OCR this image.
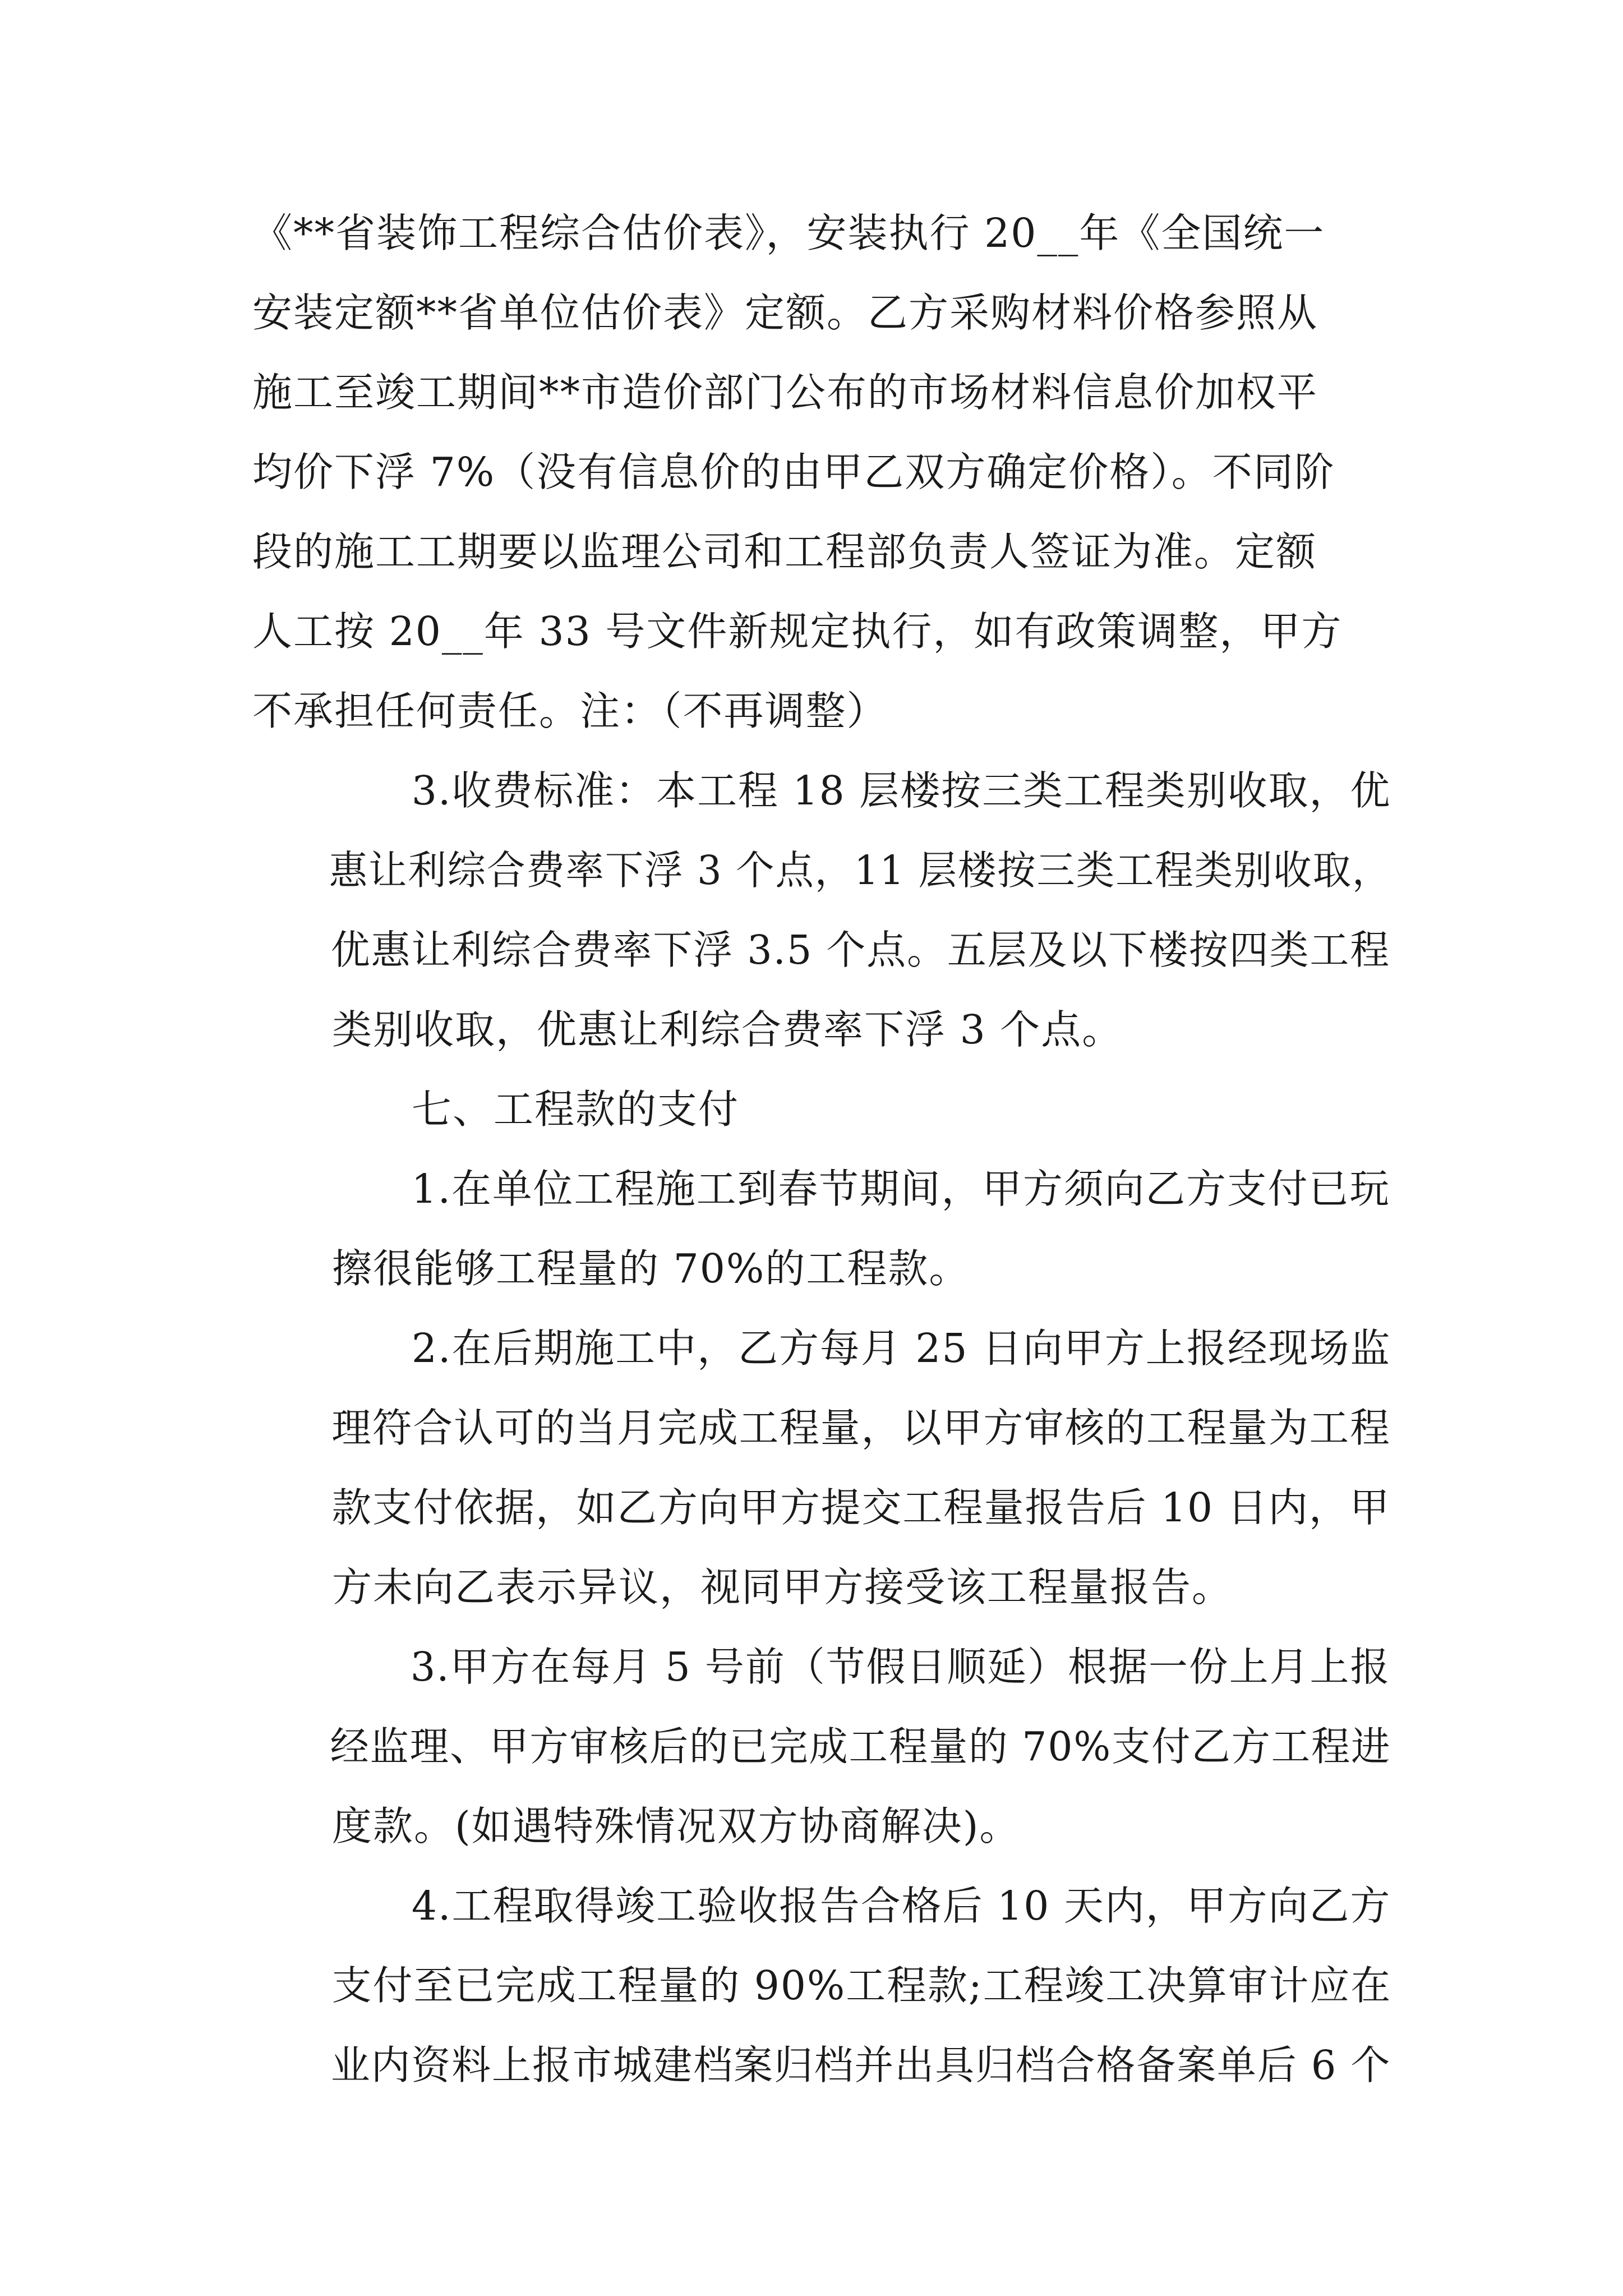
《**省装饰工程综合估价表》，安装执行 20__年《全国统一
安装定额**省单位估价表》定额。乙方采购材料价格参照从
施工至竣工期间**市造价部门公布的市场材料信息价加权平
均价下浮 7%（没有信息价的由甲乙双方确定价格）。不同阶
段的施工工期要以监理公司和工程部负责人签证为准。定额
人工按 20__年 33 号文件新规定执行，如有政策调整，甲方
不承担任何责任。注：（不再调整）

3.收费标准：本工程 18 层楼按三类工程类别收取，优
惠让利综合费率下浮 3 个点，11 层楼按三类工程类别收取， 优惠让利综合费率下浮 3.5 个点。五层及以下楼按四类工程
类别收取，优惠让利综合费率下浮 3 个点。

七、工程款的支付

1.在单位工程施工到春节期间，甲方须向乙方支付已玩

擦很能够工程量的 70%的工程款。

2.在后期施工中，乙方每月 25 日向甲方上报经现场监
理符合认可的当月完成工程量，以甲方审核的工程量为工程 款支付依据，如乙方向甲方提交工程量报告后 10 日内，甲
方未向乙表示异议，视同甲方接受该工程量报告。

3.甲方在每月 5 号前（节假日顺延）根据一份上月上报
经监理、甲方审核后的已完成工程量的 70%支付乙方工程进
度款。(如遇特殊情况双方协商解决)。

4.工程取得竣工验收报告合格后 10 天内，甲方向乙方
支付至已完成工程量的 90%工程款;工程竣工决算审计应在 业内资料上报市城建档案归档并出具归档合格备案单后 6 个
